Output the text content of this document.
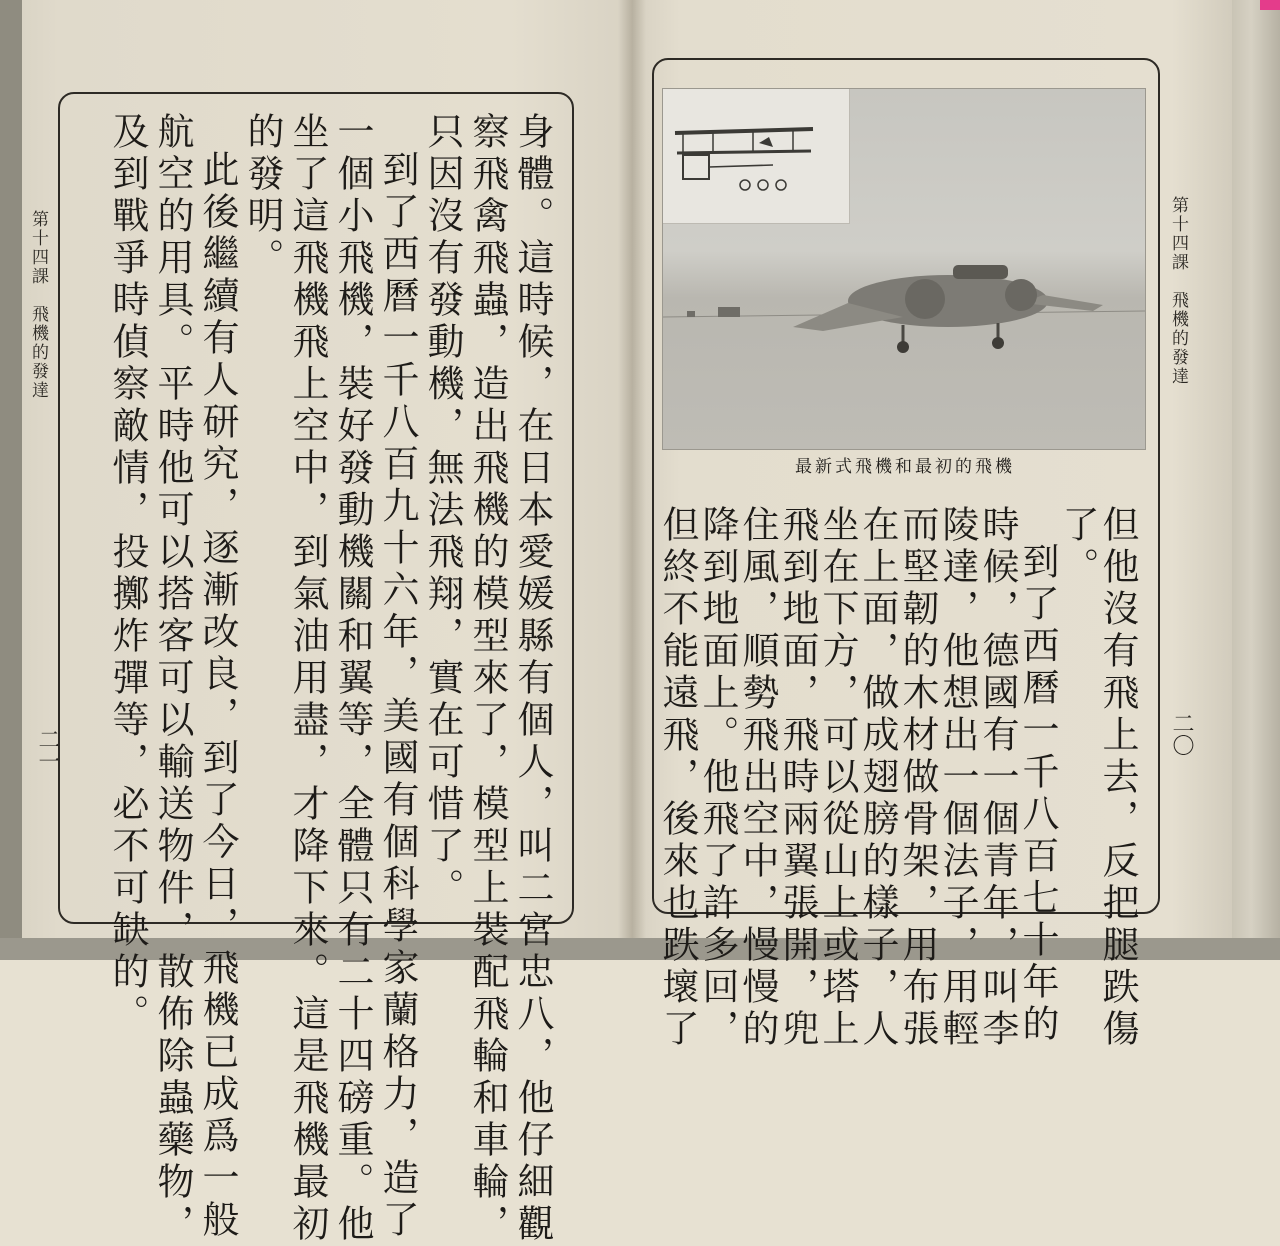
第十四課　飛機的發達
二一	身體。這時候，在日本愛媛縣有個人，叫二宮忠八，他仔細觀
察飛禽飛蟲，造出飛機的模型來了，模型上裝配飛輪和車輪，
只因沒有發動機，無法飛翔，實在可惜了。
到了西曆一千八百九十六年，美國有個科學家蘭格力，造了
一個小飛機，裝好發動機關和翼等，全體只有二十四磅重。他
坐了這飛機飛上空中，到氣油用盡，才降下來。這是飛機最初
的發明。
此後繼續有人研究，逐漸改良，到了今日，飛機已成爲一般
航空的用具。平時他可以搭客可以輸送物件，散佈除蟲藥物，
及到戰爭時偵察敵情，投擲炸彈等，必不可缺的。	第十四課　飛機的發達
二〇
機飛的初最和機飛式新最
但他沒有飛上去，反把腿跌傷
了。
到了西曆一千八百七十年的
時候，德國有一個青年，叫李
陵達，他想出一個法子，用輕
而堅韌的木材做骨架，用布張
在上面，做成翅膀的樣子，人
坐在下方，可以從山上或塔上
飛到地面，飛時兩翼張開，兜
住風，順勢飛出空中，慢慢的
降到地面上。他飛了許多回，
但終不能遠飛，後來也跌壞了
